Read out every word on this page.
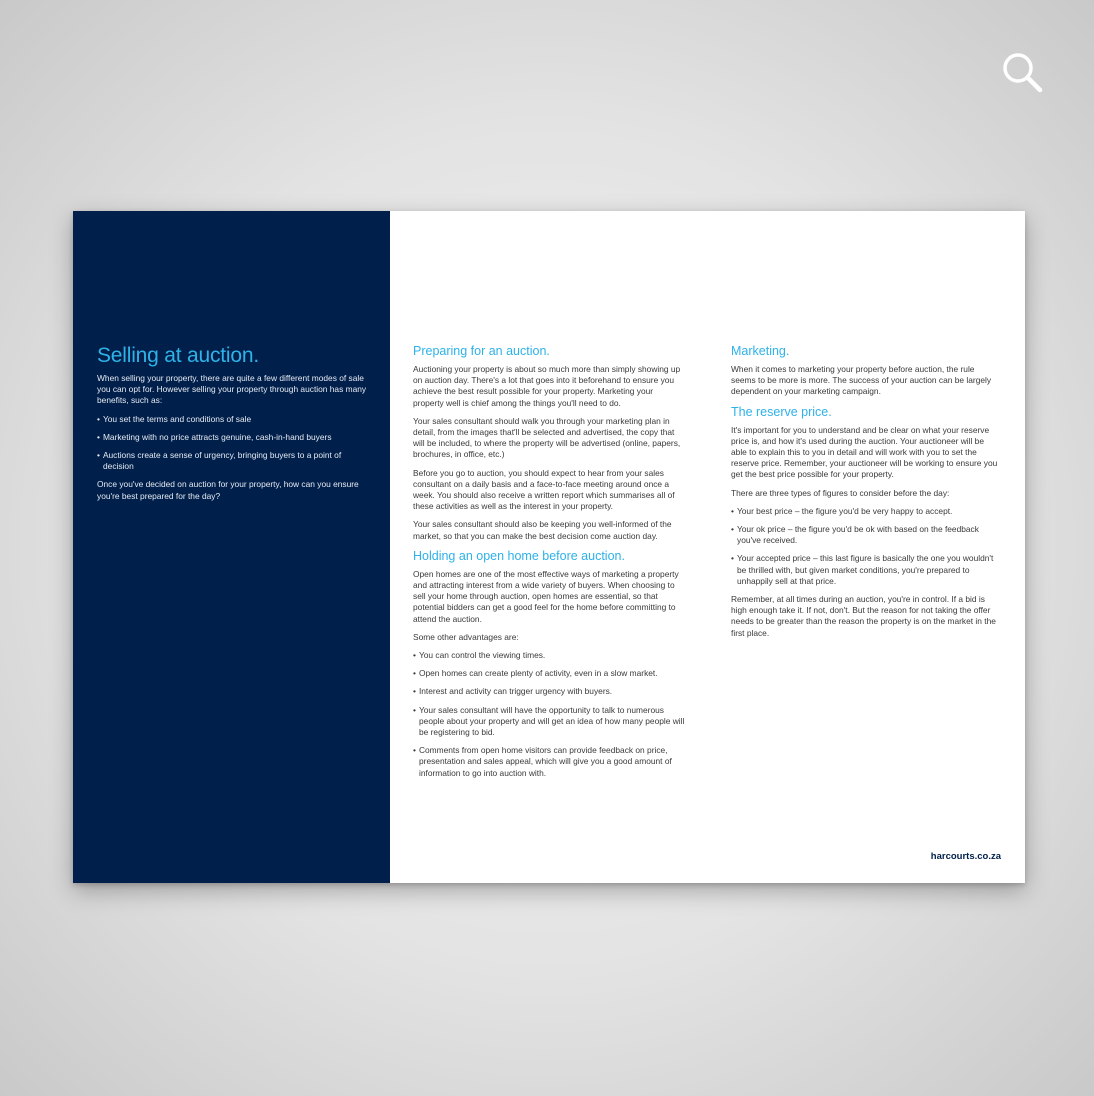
Selling at auction.

When selling your property, there are quite a few different modes of sale you can opt for. However selling your property through auction has many benefits, such as:

• You set the terms and conditions of sale
• Marketing with no price attracts genuine, cash-in-hand buyers
• Auctions create a sense of urgency, bringing buyers to a point of decision

Once you've decided on auction for your property, how can you ensure you're best prepared for the day?

Preparing for an auction.

Auctioning your property is about so much more than simply showing up on auction day. There's a lot that goes into it beforehand to ensure you achieve the best result possible for your property. Marketing your property well is chief among the things you'll need to do.

Your sales consultant should walk you through your marketing plan in detail, from the images that'll be selected and advertised, the copy that will be included, to where the property will be advertised (online, papers, brochures, in office, etc.)

Before you go to auction, you should expect to hear from your sales consultant on a daily basis and a face-to-face meeting around once a week. You should also receive a written report which summarises all of these activities as well as the interest in your property.

Your sales consultant should also be keeping you well-informed of the market, so that you can make the best decision come auction day.

Holding an open home before auction.

Open homes are one of the most effective ways of marketing a property and attracting interest from a wide variety of buyers. When choosing to sell your home through auction, open homes are essential, so that potential bidders can get a good feel for the home before committing to attend the auction.

Some other advantages are:

• You can control the viewing times.
• Open homes can create plenty of activity, even in a slow market.
• Interest and activity can trigger urgency with buyers.
• Your sales consultant will have the opportunity to talk to numerous people about your property and will get an idea of how many people will be registering to bid.
• Comments from open home visitors can provide feedback on price, presentation and sales appeal, which will give you a good amount of information to go into auction with.
Marketing.

When it comes to marketing your property before auction, the rule seems to be more is more. The success of your auction can be largely dependent on your marketing campaign.

The reserve price.

It's important for you to understand and be clear on what your reserve price is, and how it's used during the auction. Your auctioneer will be able to explain this to you in detail and will work with you to set the reserve price. Remember, your auctioneer will be working to ensure you get the best price possible for your property.

There are three types of figures to consider before the day:

• Your best price – the figure you'd be very happy to accept.
• Your ok price – the figure you'd be ok with based on the feedback you've received.
• Your accepted price – this last figure is basically the one you wouldn't be thrilled with, but given market conditions, you're prepared to unhappily sell at that price.

Remember, at all times during an auction, you're in control. If a bid is high enough take it. If not, don't. But the reason for not taking the offer needs to be greater than the reason the property is on the market in the first place.

harcourts.co.za
